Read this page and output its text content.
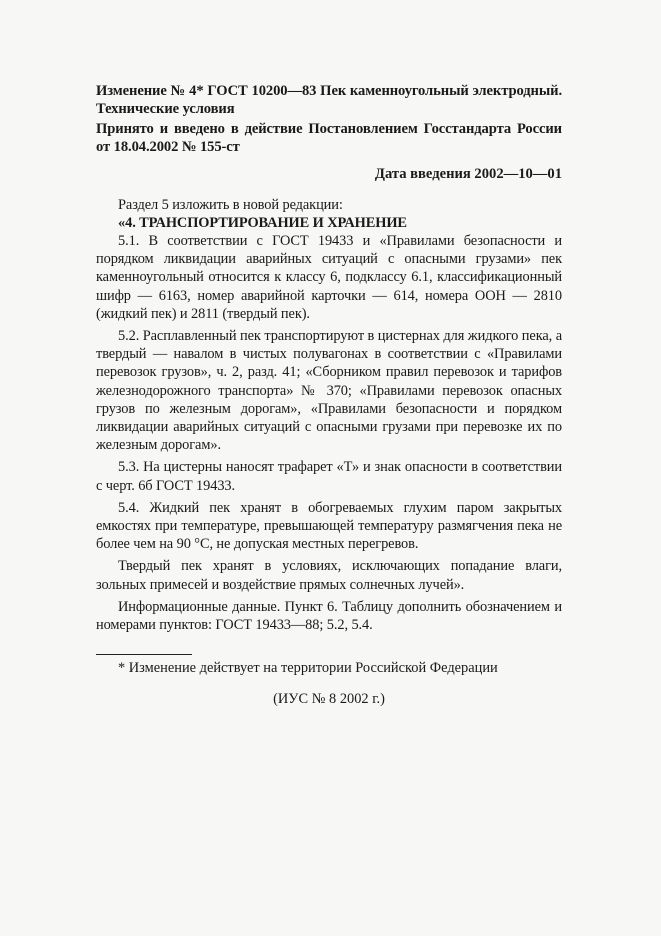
Изменение № 4* ГОСТ 10200—83 Пек каменноугольный электродный. Технические условия
Принято и введено в действие Постановлением Госстандарта России от 18.04.2002 № 155-ст
Дата введения 2002—10—01
Раздел 5 изложить в новой редакции:
«4. ТРАНСПОРТИРОВАНИЕ И ХРАНЕНИЕ
5.1. В соответствии с ГОСТ 19433 и «Правилами безопасности и порядком ликвидации аварийных ситуаций с опасными грузами» пек каменноугольный относится к классу 6, подклассу 6.1, классификационный шифр — 6163, номер аварийной карточки — 614, номера ООН — 2810 (жидкий пек) и 2811 (твердый пек).
5.2. Расплавленный пек транспортируют в цистернах для жидкого пека, а твердый — навалом в чистых полувагонах в соответствии с «Правилами перевозок грузов», ч. 2, разд. 41; «Сборником правил перевозок и тарифов железнодорожного транспорта» № 370; «Правилами перевозок опасных грузов по железным дорогам», «Правилами безопасности и порядком ликвидации аварийных ситуаций с опасными грузами при перевозке их по железным дорогам».
5.3. На цистерны наносят трафарет «Т» и знак опасности в соответствии с черт. 6б ГОСТ 19433.
5.4. Жидкий пек хранят в обогреваемых глухим паром закрытых емкостях при температуре, превышающей температуру размягчения пека не более чем на 90 °С, не допуская местных перегревов.
Твердый пек хранят в условиях, исключающих попадание влаги, зольных примесей и воздействие прямых солнечных лучей».
Информационные данные. Пункт 6. Таблицу дополнить обозначением и номерами пунктов: ГОСТ 19433—88; 5.2, 5.4.
* Изменение действует на территории Российской Федерации
(ИУС № 8 2002 г.)
